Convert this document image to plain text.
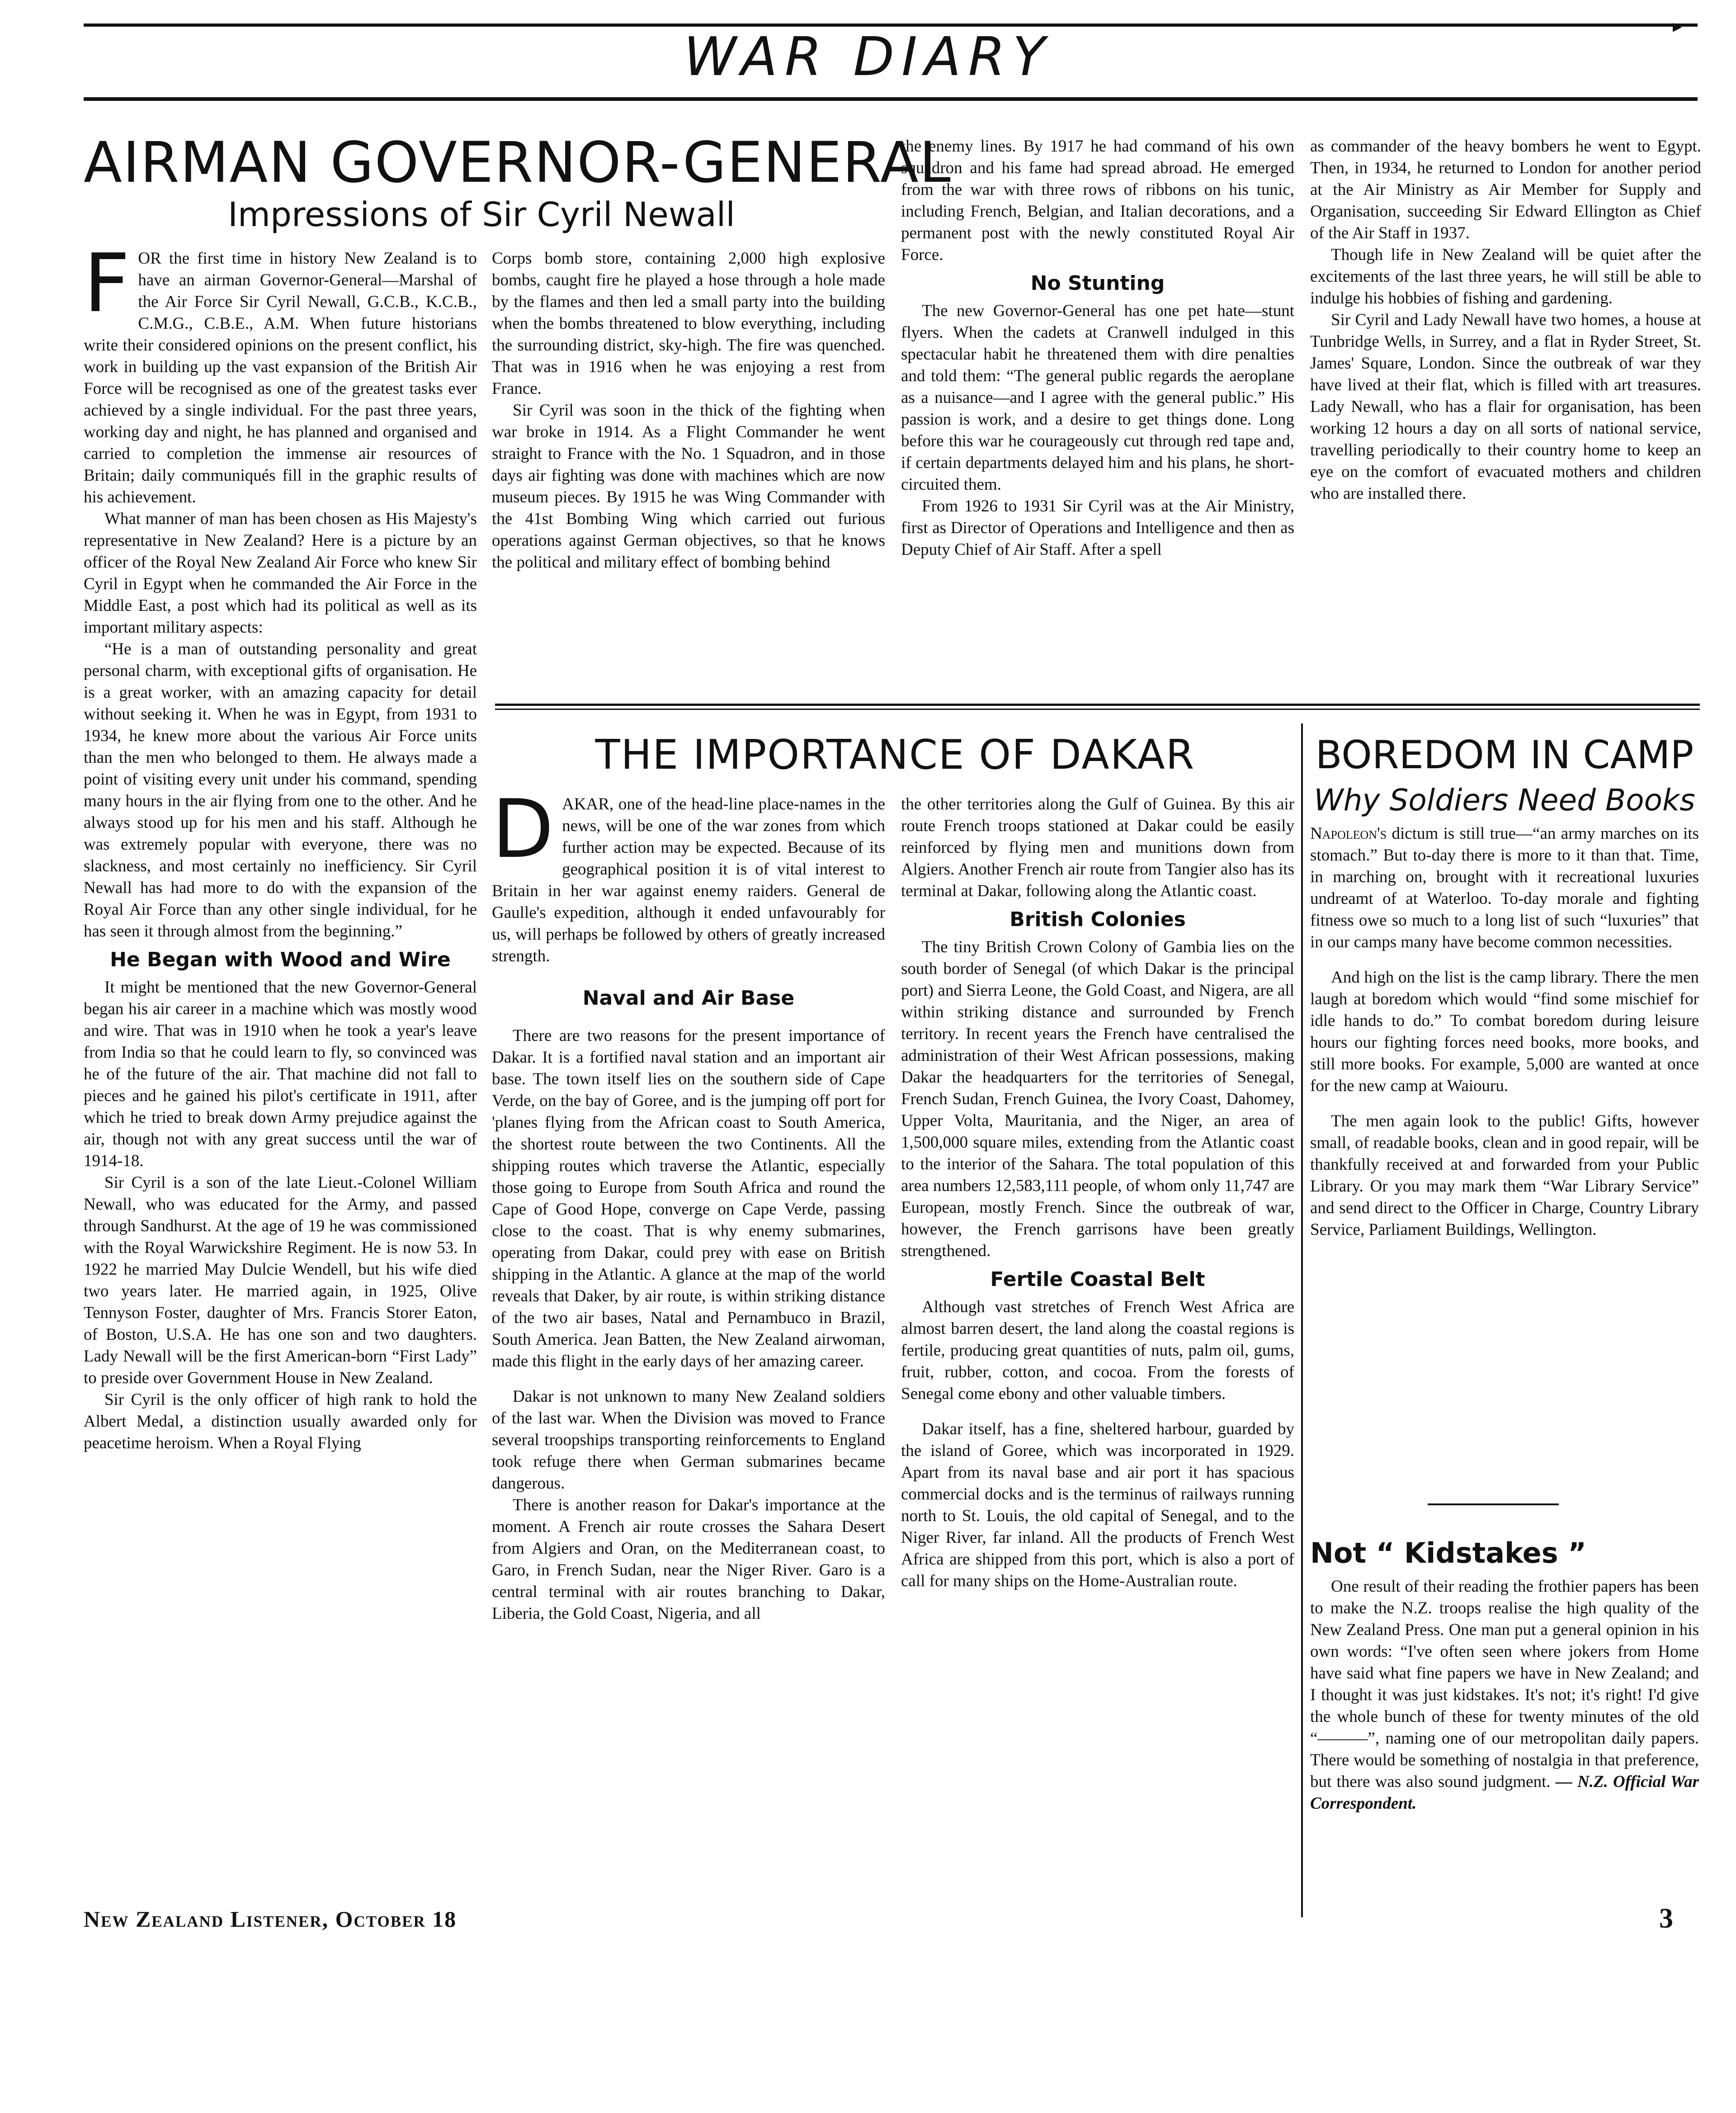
▸
WAR DIARY
AIRMAN GOVERNOR-GENERAL
Impressions of Sir Cyril Newall
F OR the first time in history New Zealand is to have an airman Governor-General—Marshal of the Air Force Sir Cyril Newall, G.C.B., K.C.B., C.M.G., C.B.E., A.M. When future historians write their considered opinions on the present conflict, his work in building up the vast expansion of the British Air Force will be recognised as one of the greatest tasks ever achieved by a single individual. For the past three years, working day and night, he has planned and organised and carried to completion the immense air resources of Britain; daily communiqués fill in the graphic results of his achievement.

What manner of man has been chosen as His Majesty's representative in New Zealand? Here is a picture by an officer of the Royal New Zealand Air Force who knew Sir Cyril in Egypt when he commanded the Air Force in the Middle East, a post which had its political as well as its important military aspects:

“He is a man of outstanding personality and great personal charm, with exceptional gifts of organisation. He is a great worker, with an amazing capacity for detail without seeking it. When he was in Egypt, from 1931 to 1934, he knew more about the various Air Force units than the men who belonged to them. He always made a point of visiting every unit under his command, spending many hours in the air flying from one to the other. And he always stood up for his men and his staff. Although he was extremely popular with everyone, there was no slackness, and most certainly no inefficiency. Sir Cyril Newall has had more to do with the expansion of the Royal Air Force than any other single individual, for he has seen it through almost from the beginning.”

He Began with Wood and Wire

It might be mentioned that the new Governor-General began his air career in a machine which was mostly wood and wire. That was in 1910 when he took a year's leave from India so that he could learn to fly, so convinced was he of the future of the air. That machine did not fall to pieces and he gained his pilot's certificate in 1911, after which he tried to break down Army prejudice against the air, though not with any great success until the war of 1914-18.

Sir Cyril is a son of the late Lieut.-Colonel William Newall, who was educated for the Army, and passed through Sandhurst. At the age of 19 he was commissioned with the Royal Warwickshire Regiment. He is now 53. In 1922 he married May Dulcie Wendell, but his wife died two years later. He married again, in 1925, Olive Tennyson Foster, daughter of Mrs. Francis Storer Eaton, of Boston, U.S.A. He has one son and two daughters. Lady Newall will be the first American-born “First Lady” to preside over Government House in New Zealand.

Sir Cyril is the only officer of high rank to hold the Albert Medal, a distinction usually awarded only for peacetime heroism. When a Royal Flying

Corps bomb store, containing 2,000 high explosive bombs, caught fire he played a hose through a hole made by the flames and then led a small party into the building when the bombs threatened to blow everything, including the surrounding district, sky-high. The fire was quenched. That was in 1916 when he was enjoying a rest from France.

Sir Cyril was soon in the thick of the fighting when war broke in 1914. As a Flight Commander he went straight to France with the No. 1 Squadron, and in those days air fighting was done with machines which are now museum pieces. By 1915 he was Wing Commander with the 41st Bombing Wing which carried out furious operations against German objectives, so that he knows the political and military effect of bombing behind

the enemy lines. By 1917 he had command of his own squadron and his fame had spread abroad. He emerged from the war with three rows of ribbons on his tunic, including French, Belgian, and Italian decorations, and a permanent post with the newly constituted Royal Air Force.

No Stunting

The new Governor-General has one pet hate—stunt flyers. When the cadets at Cranwell indulged in this spectacular habit he threatened them with dire penalties and told them: “The general public regards the aeroplane as a nuisance—and I agree with the general public.” His passion is work, and a desire to get things done. Long before this war he courageously cut through red tape and, if certain departments delayed him and his plans, he short-circuited them.

From 1926 to 1931 Sir Cyril was at the Air Ministry, first as Director of Operations and Intelligence and then as Deputy Chief of Air Staff. After a spell

as commander of the heavy bombers he went to Egypt. Then, in 1934, he returned to London for another period at the Air Ministry as Air Member for Supply and Organisation, succeeding Sir Edward Ellington as Chief of the Air Staff in 1937.

Though life in New Zealand will be quiet after the excitements of the last three years, he will still be able to indulge his hobbies of fishing and gardening.

Sir Cyril and Lady Newall have two homes, a house at Tunbridge Wells, in Surrey, and a flat in Ryder Street, St. James' Square, London. Since the outbreak of war they have lived at their flat, which is filled with art treasures. Lady Newall, who has a flair for organisation, has been working 12 hours a day on all sorts of national service, travelling periodically to their country home to keep an eye on the comfort of evacuated mothers and children who are installed there.

THE IMPORTANCE OF DAKAR
D AKAR, one of the head-line place-names in the news, will be one of the war zones from which further action may be expected. Because of its geographical position it is of vital interest to Britain in her war against enemy raiders. General de Gaulle's expedition, although it ended unfavourably for us, will perhaps be followed by others of greatly increased strength.

Naval and Air Base

There are two reasons for the present importance of Dakar. It is a fortified naval station and an important air base. The town itself lies on the southern side of Cape Verde, on the bay of Goree, and is the jumping off port for 'planes flying from the African coast to South America, the shortest route between the two Continents. All the shipping routes which traverse the Atlantic, especially those going to Europe from South Africa and round the Cape of Good Hope, converge on Cape Verde, passing close to the coast. That is why enemy submarines, operating from Dakar, could prey with ease on British shipping in the Atlantic. A glance at the map of the world reveals that Daker, by air route, is within striking distance of the two air bases, Natal and Pernambuco in Brazil, South America. Jean Batten, the New Zealand airwoman, made this flight in the early days of her amazing career.

Dakar is not unknown to many New Zealand soldiers of the last war. When the Division was moved to France several troopships transporting reinforcements to England took refuge there when German submarines became dangerous.

There is another reason for Dakar's importance at the moment. A French air route crosses the Sahara Desert from Algiers and Oran, on the Mediterranean coast, to Garo, in French Sudan, near the Niger River. Garo is a central terminal with air routes branching to Dakar, Liberia, the Gold Coast, Nigeria, and all

the other territories along the Gulf of Guinea. By this air route French troops stationed at Dakar could be easily reinforced by flying men and munitions down from Algiers. Another French air route from Tangier also has its terminal at Dakar, following along the Atlantic coast.

British Colonies

The tiny British Crown Colony of Gambia lies on the south border of Senegal (of which Dakar is the principal port) and Sierra Leone, the Gold Coast, and Nigera, are all within striking distance and surrounded by French territory. In recent years the French have centralised the administration of their West African possessions, making Dakar the headquarters for the territories of Senegal, French Sudan, French Guinea, the Ivory Coast, Dahomey, Upper Volta, Mauritania, and the Niger, an area of 1,500,000 square miles, extending from the Atlantic coast to the interior of the Sahara. The total population of this area numbers 12,583,111 people, of whom only 11,747 are European, mostly French. Since the outbreak of war, however, the French garrisons have been greatly strengthened.

Fertile Coastal Belt

Although vast stretches of French West Africa are almost barren desert, the land along the coastal regions is fertile, producing great quantities of nuts, palm oil, gums, fruit, rubber, cotton, and cocoa. From the forests of Senegal come ebony and other valuable timbers.

Dakar itself, has a fine, sheltered harbour, guarded by the island of Goree, which was incorporated in 1929. Apart from its naval base and air port it has spacious commercial docks and is the terminus of railways running north to St. Louis, the old capital of Senegal, and to the Niger River, far inland. All the products of French West Africa are shipped from this port, which is also a port of call for many ships on the Home-Australian route.

BOREDOM IN CAMP
Why Soldiers Need Books

Napoleon's dictum is still true—“an army marches on its stomach.” But to-day there is more to it than that. Time, in marching on, brought with it recreational luxuries undreamt of at Waterloo. To-day morale and fighting fitness owe so much to a long list of such “luxuries” that in our camps many have become common necessities.

And high on the list is the camp library. There the men laugh at boredom which would “find some mischief for idle hands to do.” To combat boredom during leisure hours our fighting forces need books, more books, and still more books. For example, 5,000 are wanted at once for the new camp at Waiouru.

The men again look to the public! Gifts, however small, of readable books, clean and in good repair, will be thankfully received at and forwarded from your Public Library. Or you may mark them “War Library Service” and send direct to the Officer in Charge, Country Library Service, Parliament Buildings, Wellington.

Not “ Kidstakes ”

One result of their reading the frothier papers has been to make the N.Z. troops realise the high quality of the New Zealand Press. One man put a general opinion in his own words: “I've often seen where jokers from Home have said what fine papers we have in New Zealand; and I thought it was just kidstakes. It's not; it's right! I'd give the whole bunch of these for twenty minutes of the old “———”, naming one of our metropolitan daily papers. There would be something of nostalgia in that preference, but there was also sound judgment. — N.Z. Official War Correspondent.

New Zealand Listener, October 18	3
